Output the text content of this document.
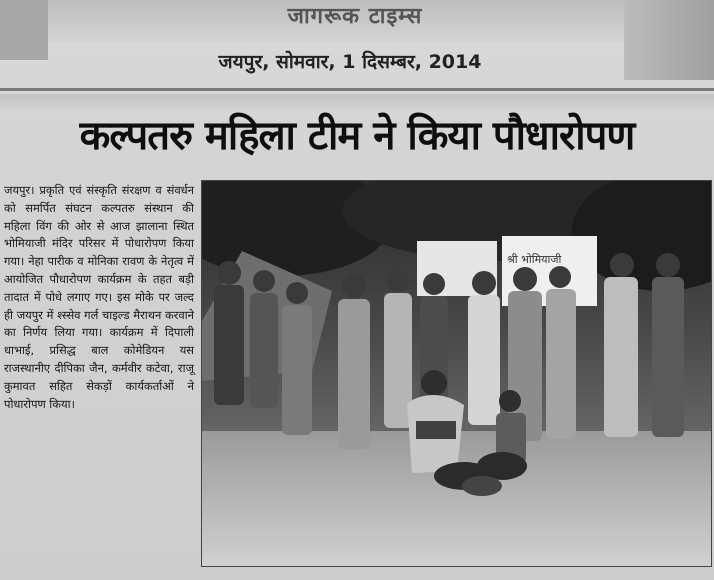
जागरूक टाइम्स
जयपुर, सोमवार, 1 दिसम्बर, 2014
कल्पतरु महिला टीम ने किया पौधारोपण
जयपुर। प्रकृति एवं संस्कृति संरक्षण व संवर्धन को समर्पित संघटन कल्पतरु संस्थान की महिला विंग की ओर से आज झालाना स्थित भोमियाजी मंदिर परिसर में पोधारोपण किया गया। नेहा पारीक व मोनिका रावण के नेतृत्व में आयोजित पौधारोपण कार्यक्रम के तहत बड़ी तादात में पोधे लगाए गए। इस मोके पर जल्द ही जयपुर में श्स्सेव गर्ल चाइल्ड मैराथन करवाने का निर्णय लिया गया। कार्यक्रम में दिपाली धाभाई, प्रसिद्ध बाल कोमेडियन यस राजस्थानीए दीपिका जैन, कर्मवीर कटेवा, राजू कुमावत सहित सेकड़ों कार्यकर्ताओं ने पोधारोपण किया।
श्री भोमियाजी
